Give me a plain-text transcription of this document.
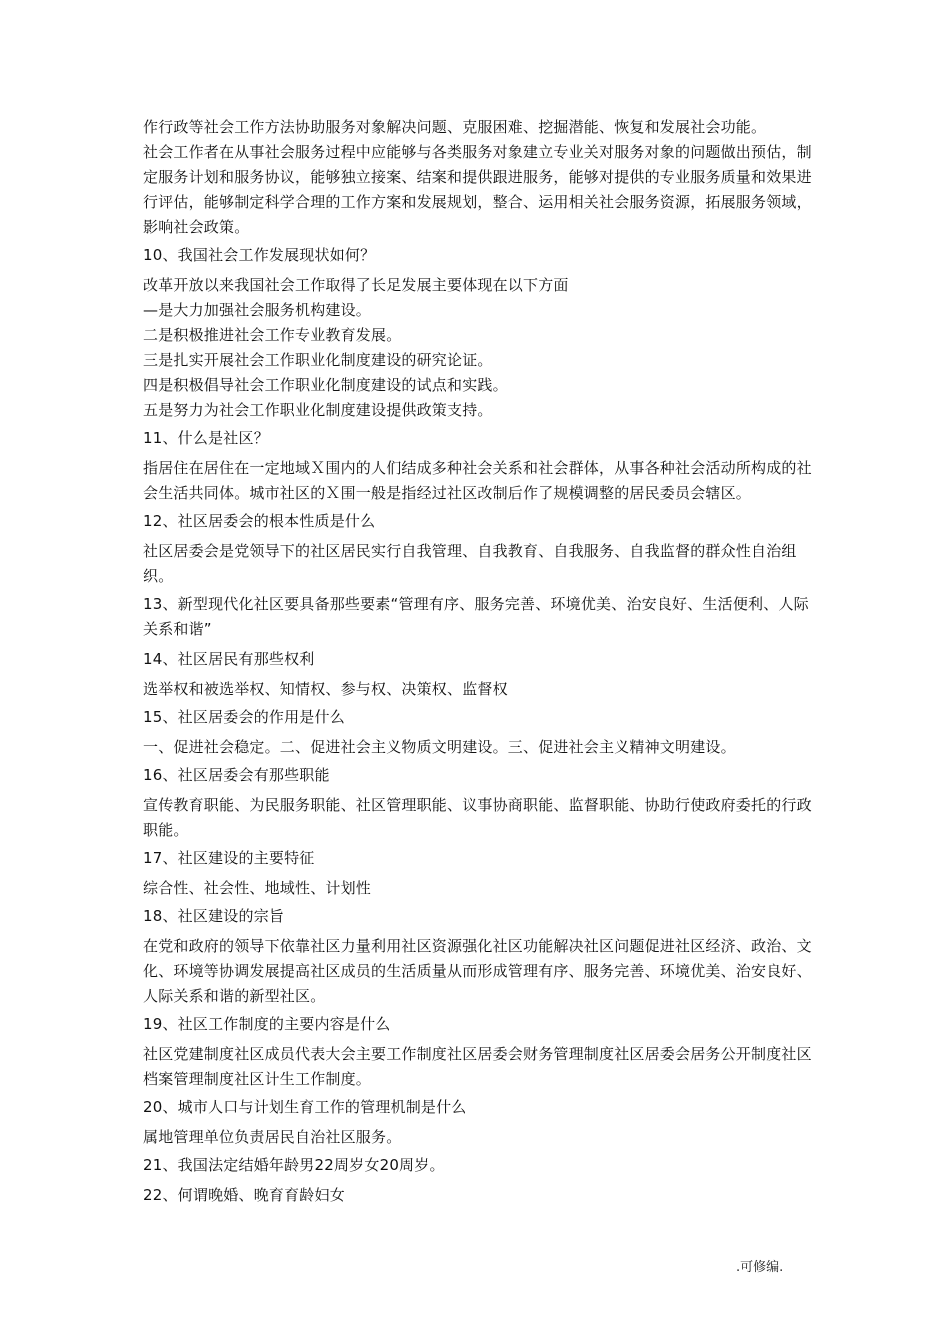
作行政等社会工作方法协助服务对象解决问题、克服困难、挖掘潜能、恢复和发展社会功能。

社会工作者在从事社会服务过程中应能够与各类服务对象建立专业关对服务对象的问题做出预估，制定服务计划和服务协议，能够独立接案、结案和提供跟进服务，能够对提供的专业服务质量和效果进行评估，能够制定科学合理的工作方案和发展规划，整合、运用相关社会服务资源，拓展服务领域，影响社会政策。

10、我国社会工作发展现状如何？

改革开放以来我国社会工作取得了长足发展主要体现在以下方面

—是大力加强社会服务机构建设。

二是积极推进社会工作专业教育发展。

三是扎实开展社会工作职业化制度建设的研究论证。

四是积极倡导社会工作职业化制度建设的试点和实践。

五是努力为社会工作职业化制度建设提供政策支持。

11、什么是社区？

指居住在居住在一定地域Ｘ围内的人们结成多种社会关系和社会群体，从事各种社会活动所构成的社会生活共同体。城市社区的Ｘ围一般是指经过社区改制后作了规模调整的居民委员会辖区。

12、社区居委会的根本性质是什么

社区居委会是党领导下的社区居民实行自我管理、自我教育、自我服务、自我监督的群众性自治组织。

13、新型现代化社区要具备那些要素“管理有序、服务完善、环境优美、治安良好、生活便利、人际关系和谐”

14、社区居民有那些权利

选举权和被选举权、知情权、参与权、决策权、监督权

15、社区居委会的作用是什么

一、促进社会稳定。二、促进社会主义物质文明建设。三、促进社会主义精神文明建设。

16、社区居委会有那些职能

宣传教育职能、为民服务职能、社区管理职能、议事协商职能、监督职能、协助行使政府委托的行政职能。

17、社区建设的主要特征

综合性、社会性、地域性、计划性

18、社区建设的宗旨

在党和政府的领导下依靠社区力量利用社区资源强化社区功能解决社区问题促进社区经济、政治、文化、环境等协调发展提高社区成员的生活质量从而形成管理有序、服务完善、环境优美、治安良好、人际关系和谐的新型社区。

19、社区工作制度的主要内容是什么

社区党建制度社区成员代表大会主要工作制度社区居委会财务管理制度社区居委会居务公开制度社区档案管理制度社区计生工作制度。

20、城市人口与计划生育工作的管理机制是什么

属地管理单位负责居民自治社区服务。

21、我国法定结婚年龄男22周岁女20周岁。

22、何谓晚婚、晚育育龄妇女

.可修编.
